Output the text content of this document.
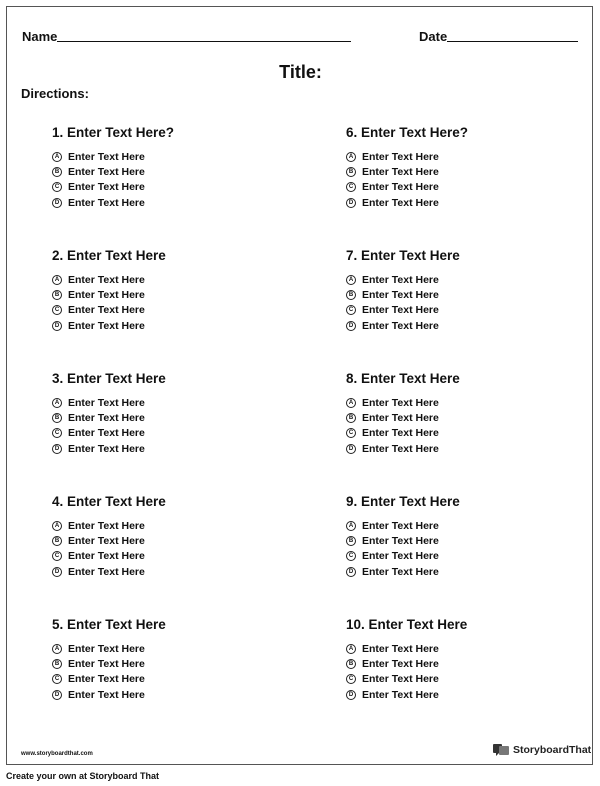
Name	Date
Title:
Directions:
1. Enter Text Here?
A Enter Text Here
B Enter Text Here
C Enter Text Here
D Enter Text Here
2. Enter Text Here
A Enter Text Here
B Enter Text Here
C Enter Text Here
D Enter Text Here
3. Enter Text Here
A Enter Text Here
B Enter Text Here
C Enter Text Here
D Enter Text Here
4. Enter Text Here
A Enter Text Here
B Enter Text Here
C Enter Text Here
D Enter Text Here
5. Enter Text Here
A Enter Text Here
B Enter Text Here
C Enter Text Here
D Enter Text Here
6. Enter Text Here?
A Enter Text Here
B Enter Text Here
C Enter Text Here
D Enter Text Here
7. Enter Text Here
A Enter Text Here
B Enter Text Here
C Enter Text Here
D Enter Text Here
8. Enter Text Here
A Enter Text Here
B Enter Text Here
C Enter Text Here
D Enter Text Here
9. Enter Text Here
A Enter Text Here
B Enter Text Here
C Enter Text Here
D Enter Text Here
10. Enter Text Here
A Enter Text Here
B Enter Text Here
C Enter Text Here
D Enter Text Here
www.storyboardthat.com	StoryboardThat
Create your own at Storyboard That
